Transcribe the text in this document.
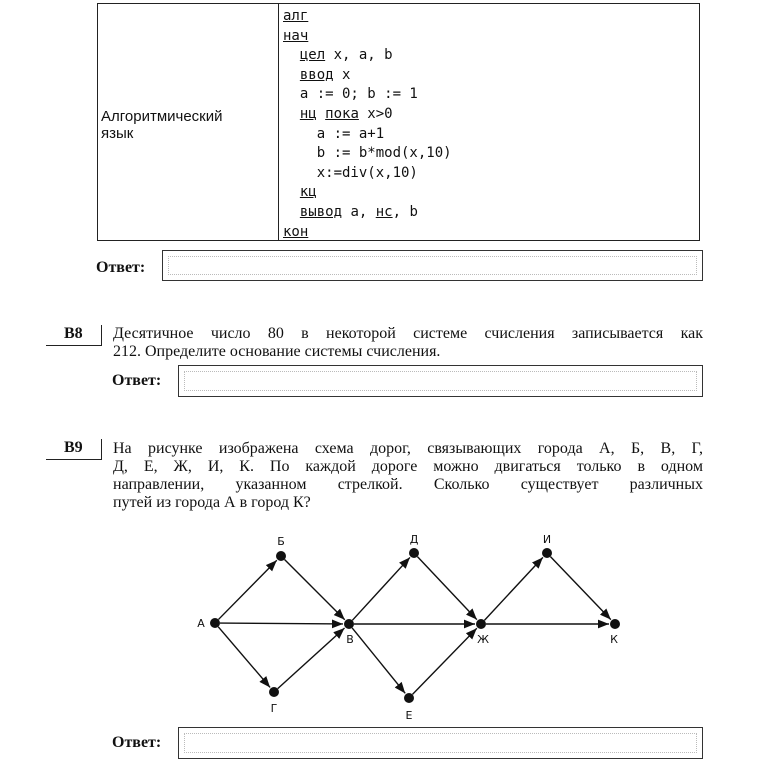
Алгоритмический
язык
алг
нач
цел x, a, b
ввод x
a := 0; b := 1
нц пока x>0
a := a+1
b := b*mod(x,10)
x:=div(x,10)
кц
вывод a, нс, b
кон
Ответ:
B8 Десятичное число 80 в некоторой системе счисления записывается как
212. Определите основание системы счисления.
Ответ:
B9 На рисунке изображена схема дорог, связывающих города А, Б, В, Г,
Д, Е, Ж, И, К. По каждой дороге можно двигаться только в одном
направлении, указанном стрелкой. Сколько существует различных
путей из города А в город К?
А
Б
В
Г
Д
Е
Ж
И
К
Ответ:
